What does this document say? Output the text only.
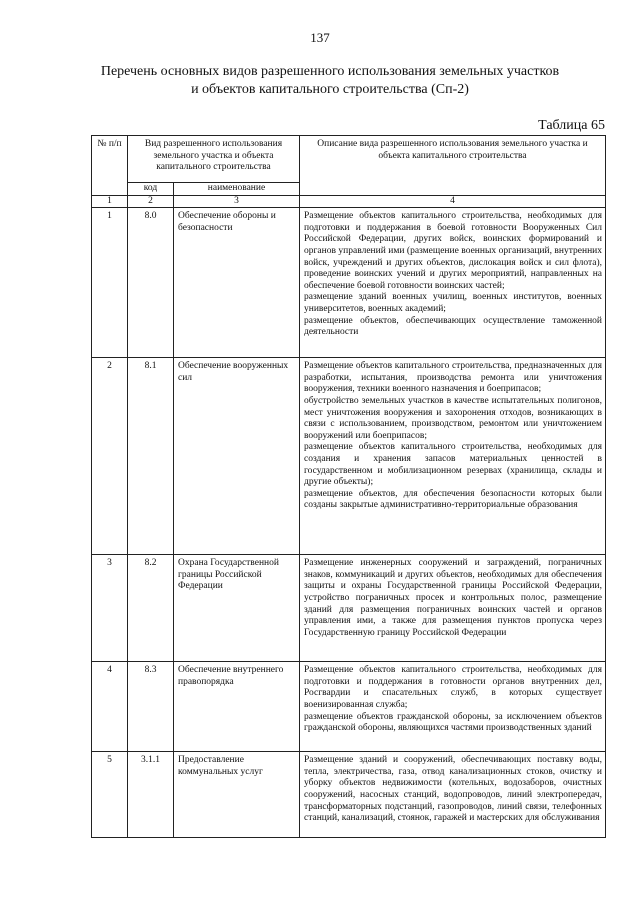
137
Перечень основных видов разрешенного использования земельных участков
и объектов капитального строительства (Сп-2)
Таблица 65
№ п/п	Вид разрешенного использования земельного участка и объекта капитального строительства		Описание вида разрешенного использования земельного участка и объекта капитального строительства
	код	наименование	
1	2	3	4
1	8.0	Обеспечение обороны и безопасности	Размещение объектов капитального строительства, необходимых для подготовки и поддержания в боевой готовности Вооруженных Сил Российской Федерации, других войск, воинских формирований и органов управлений ими (размещение военных организаций, внутренних войск, учреждений и других объектов, дислокация войск и сил флота), проведение воинских учений и других мероприятий, направленных на обеспечение боевой готовности воинских частей;
размещение зданий военных училищ, военных институтов, военных университетов, военных академий;
размещение объектов, обеспечивающих осуществление таможенной деятельности

2	8.1	Обеспечение вооруженных сил	Размещение объектов капитального строительства, предназначенных для разработки, испытания, производства ремонта или уничтожения вооружения, техники военного назначения и боеприпасов;
обустройство земельных участков в качестве испытательных полигонов, мест уничтожения вооружения и захоронения отходов, возникающих в связи с использованием, производством, ремонтом или уничтожением вооружений или боеприпасов;
размещение объектов капитального строительства, необходимых для создания и хранения запасов материальных ценностей в государственном и мобилизационном резервах (хранилища, склады и другие объекты);
размещение объектов, для обеспечения безопасности которых были созданы закрытые административно-территориальные образования

3	8.2	Охрана Государственной границы Российской Федерации	Размещение инженерных сооружений и заграждений, пограничных знаков, коммуникаций и других объектов, необходимых для обеспечения защиты и охраны Государственной границы Российской Федерации, устройство пограничных просек и контрольных полос, размещение зданий для размещения пограничных воинских частей и органов управления ими, а также для размещения пунктов пропуска через Государственную границу Российской Федерации

4	8.3	Обеспечение внутреннего правопорядка	Размещение объектов капитального строительства, необходимых для подготовки и поддержания в готовности органов внутренних дел, Росгвардии и спасательных служб, в которых существует военизированная служба;
размещение объектов гражданской обороны, за исключением объектов гражданской обороны, являющихся частями производственных зданий

5	3.1.1	Предоставление коммунальных услуг	Размещение зданий и сооружений, обеспечивающих поставку воды, тепла, электричества, газа, отвод канализационных стоков, очистку и уборку объектов недвижимости (котельных, водозаборов, очистных сооружений, насосных станций, водопроводов, линий электропередач, трансформаторных подстанций, газопроводов, линий связи, телефонных станций, канализаций, стоянок, гаражей и мастерских для обслуживания
